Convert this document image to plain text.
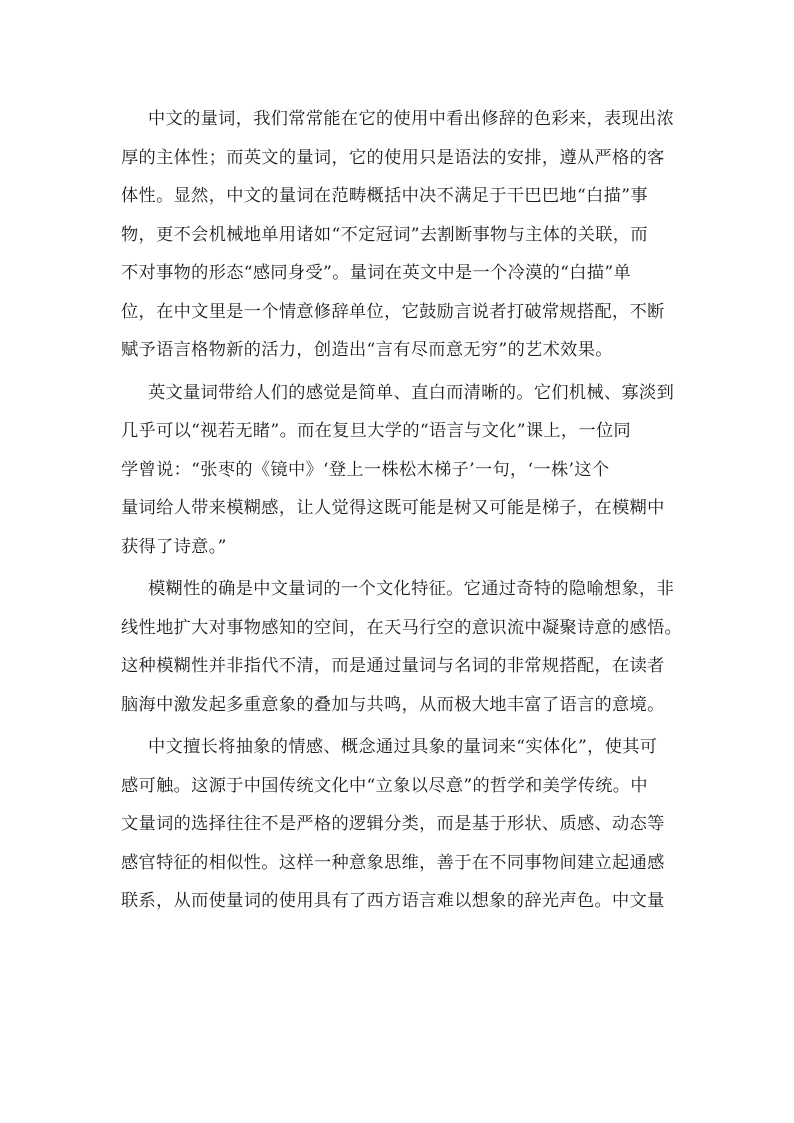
中文的量词，我们常常能在它的使用中看出修辞的色彩来，表现出浓
厚的主体性；而英文的量词，它的使用只是语法的安排，遵从严格的客
体性。显然，中文的量词在范畴概括中决不满足于干巴巴地“白描”事
物，更不会机械地单用诸如“不定冠词”去割断事物与主体的关联，而
不对事物的形态“感同身受”。量词在英文中是一个冷漠的“白描”单
位，在中文里是一个情意修辞单位，它鼓励言说者打破常规搭配，不断
赋予语言格物新的活力，创造出“言有尽而意无穷”的艺术效果。
英文量词带给人们的感觉是简单、直白而清晰的。它们机械、寡淡到
几乎可以“视若无睹”。而在复旦大学的“语言与文化”课上，一位同
学曾说：“张枣的《镜中》‘登上一株松木梯子’一句，‘一株’这个
量词给人带来模糊感，让人觉得这既可能是树又可能是梯子，在模糊中
获得了诗意。”
模糊性的确是中文量词的一个文化特征。它通过奇特的隐喻想象，非
线性地扩大对事物感知的空间，在天马行空的意识流中凝聚诗意的感悟。
这种模糊性并非指代不清，而是通过量词与名词的非常规搭配，在读者
脑海中激发起多重意象的叠加与共鸣，从而极大地丰富了语言的意境。
中文擅长将抽象的情感、概念通过具象的量词来“实体化”，使其可
感可触。这源于中国传统文化中“立象以尽意”的哲学和美学传统。中
文量词的选择往往不是严格的逻辑分类，而是基于形状、质感、动态等
感官特征的相似性。这样一种意象思维，善于在不同事物间建立起通感
联系，从而使量词的使用具有了西方语言难以想象的辞光声色。中文量
